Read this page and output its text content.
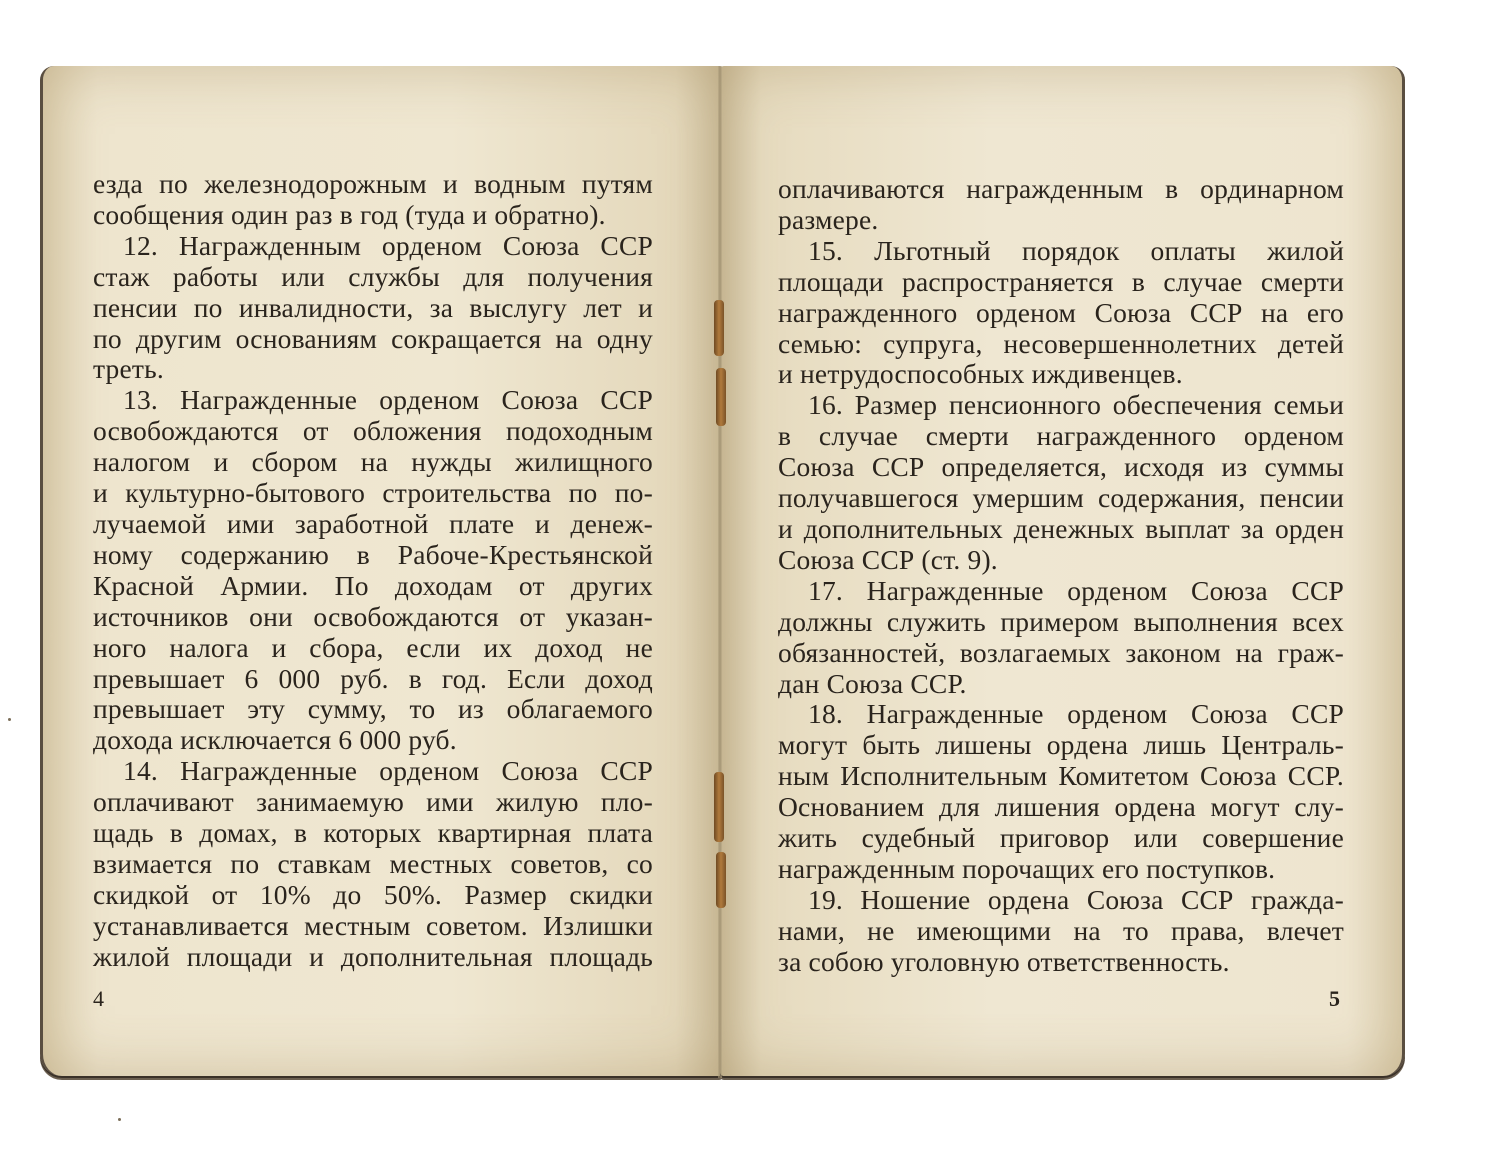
езда по железнодорожным и водным путям
сообщения один раз в год (туда и обратно).
12. Награжденным орденом Союза ССР
стаж работы или службы для получения
пенсии по инвалидности, за выслугу лет и
по другим основаниям сокращается на одну
треть.
13. Награжденные орденом Союза ССР
освобождаются от обложения подоходным
налогом и сбором на нужды жилищного
и культурно-бытового строительства по по-
лучаемой ими заработной плате и денеж-
ному содержанию в Рабоче-Крестьянской
Красной Армии. По доходам от других
источников они освобождаются от указан-
ного налога и сбора, если их доход не
превышает 6 000 руб. в год. Если доход
превышает эту сумму, то из облагаемого
дохода исключается 6 000 руб.
14. Награжденные орденом Союза ССР
оплачивают занимаемую ими жилую пло-
щадь в домах, в которых квартирная плата
взимается по ставкам местных советов, со
скидкой от 10% до 50%. Размер скидки
устанавливается местным советом. Излишки
жилой площади и дополнительная площадь
4
оплачиваются награжденным в ординарном
размере.
15. Льготный порядок оплаты жилой
площади распространяется в случае смерти
награжденного орденом Союза ССР на его
семью: супруга, несовершеннолетних детей
и нетрудоспособных иждивенцев.
16. Размер пенсионного обеспечения семьи
в случае смерти награжденного орденом
Союза ССР определяется, исходя из суммы
получавшегося умершим содержания, пенсии
и дополнительных денежных выплат за орден
Союза ССР (ст. 9).
17. Награжденные орденом Союза ССР
должны служить примером выполнения всех
обязанностей, возлагаемых законом на граж-
дан Союза ССР.
18. Награжденные орденом Союза ССР
могут быть лишены ордена лишь Централь-
ным Исполнительным Комитетом Союза ССР.
Основанием для лишения ордена могут слу-
жить судебный приговор или совершение
награжденным порочащих его поступков.
19. Ношение ордена Союза ССР гражда-
нами, не имеющими на то права, влечет
за собою уголовную ответственность.
5
